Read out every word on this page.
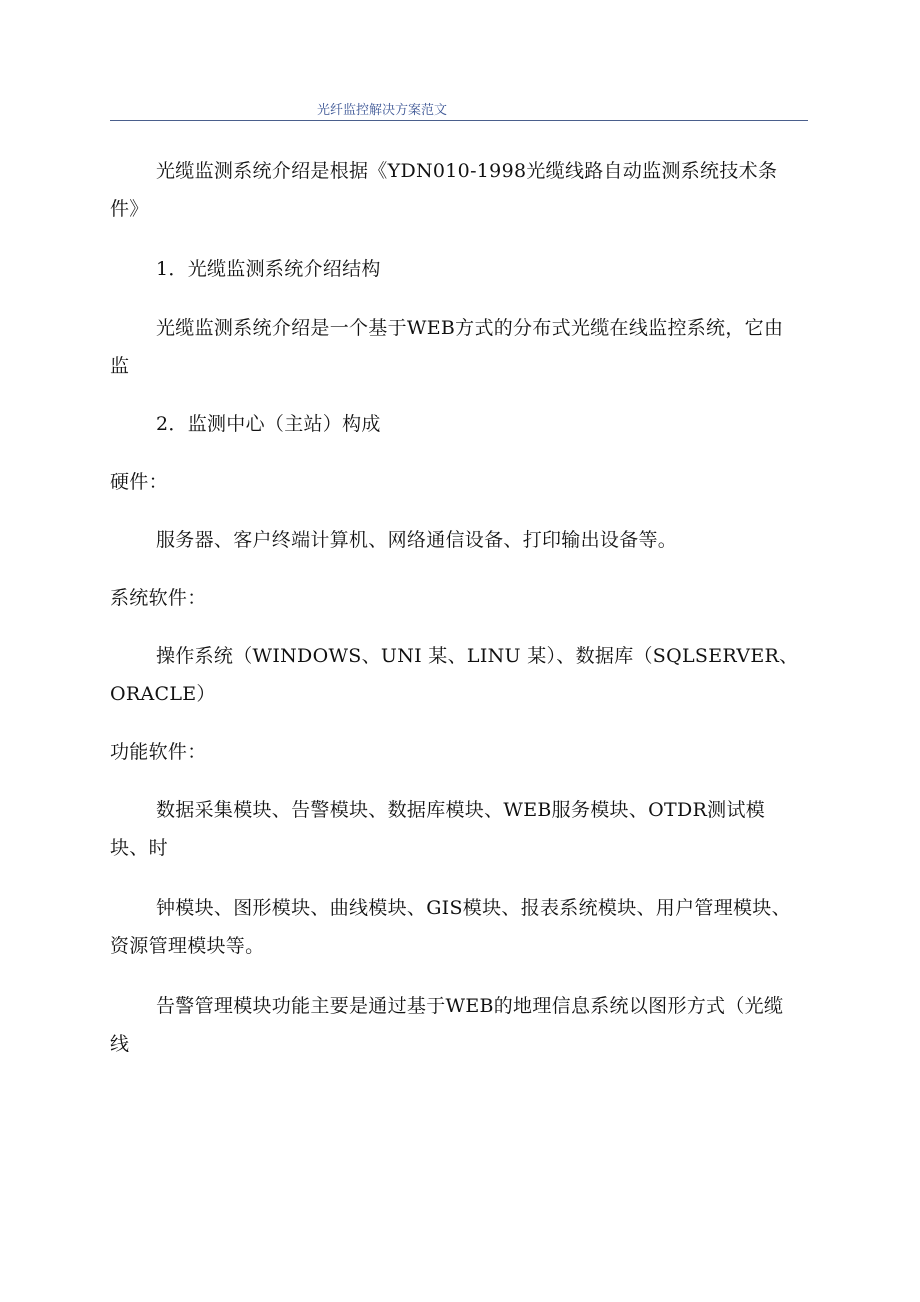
光纤监控解决方案范文

光缆监测系统介绍是根据《YDN010-1998光缆线路自动监测系统技术条件》

1．光缆监测系统介绍结构

光缆监测系统介绍是一个基于WEB方式的分布式光缆在线监控系统，它由监

2．监测中心（主站）构成

硬件：

服务器、客户终端计算机、网络通信设备、打印输出设备等。

系统软件：

操作系统（WINDOWS、UNI 某、LINU 某）、数据库（SQLSERVER、ORACLE）

功能软件：

数据采集模块、告警模块、数据库模块、WEB服务模块、OTDR测试模块、时

钟模块、图形模块、曲线模块、GIS模块、报表系统模块、用户管理模块、资源管理模块等。

告警管理模块功能主要是通过基于WEB的地理信息系统以图形方式（光缆线
